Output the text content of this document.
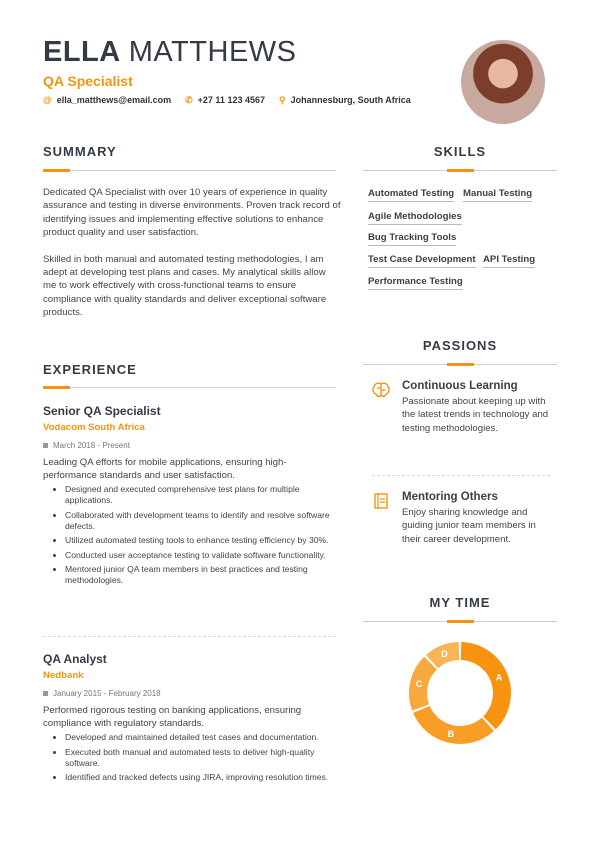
ELLA MATTHEWS
QA Specialist
@ ella_matthews@email.com ✆ +27 11 123 4567 ⚲ Johannesburg, South Africa
SUMMARY

Dedicated QA Specialist with over 10 years of experience in quality assurance and testing in diverse environments. Proven track record of identifying issues and implementing effective solutions to enhance product quality and user satisfaction.

Skilled in both manual and automated testing methodologies, I am adept at developing test plans and cases. My analytical skills allow me to work effectively with cross-functional teams to ensure compliance with quality standards and deliver exceptional software products.

SKILLS
Automated Testing Manual Testing
Agile Methodologies
Bug Tracking Tools
Test Case Development API Testing
Performance Testing
EXPERIENCE
Senior QA Specialist
Vodacom South Africa
March 2018 - Present

Leading QA efforts for mobile applications, ensuring high-performance standards and user satisfaction.

• Designed and executed comprehensive test plans for multiple applications.
• Collaborated with development teams to identify and resolve software defects.
• Utilized automated testing tools to enhance testing efficiency by 30%.
• Conducted user acceptance testing to validate software functionality.
• Mentored junior QA team members in best practices and testing methodologies.
QA Analyst
Nedbank
January 2015 - February 2018

Performed rigorous testing on banking applications, ensuring compliance with regulatory standards.

• Developed and maintained detailed test cases and documentation.
• Executed both manual and automated tests to deliver high-quality software.
• Identified and tracked defects using JIRA, improving resolution times.
PASSIONS
Continuous Learning

Passionate about keeping up with the latest trends in technology and testing methodologies.

Mentoring Others

Enjoy sharing knowledge and guiding junior team members in their career development.

MY TIME
A
B
C
D
